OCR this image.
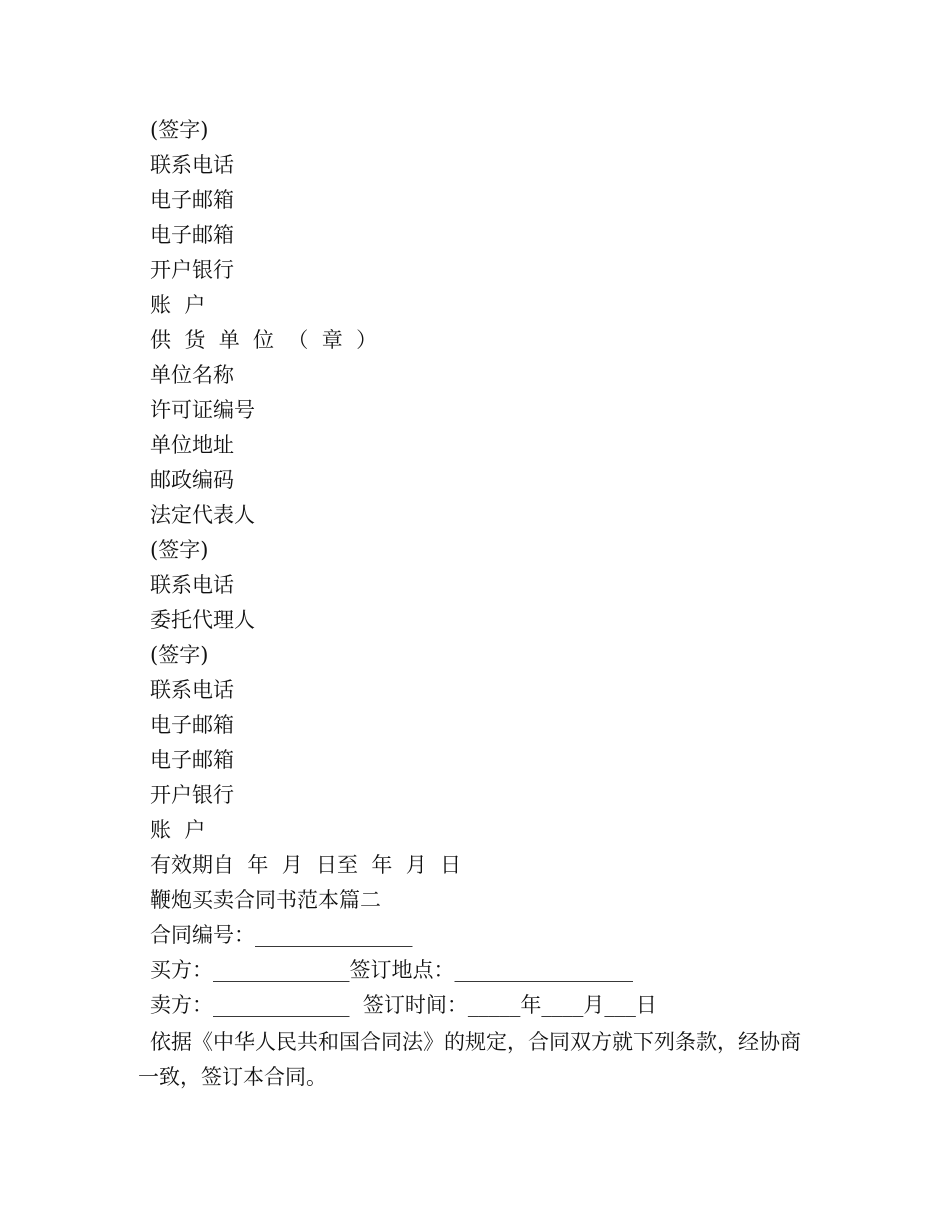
(签字)
联系电话
电子邮箱
电子邮箱
开户银行
账  户
供  货  单  位  （  章  ）
单位名称
许可证编号
单位地址
邮政编码
法定代表人
(签字)
联系电话
委托代理人
(签字)
联系电话
电子邮箱
电子邮箱
开户银行
账  户
有效期自  年  月  日至  年  月  日
鞭炮买卖合同书范本篇二
合同编号：_______________
买方：_____________签订地点：_________________
卖方：_____________  签订时间：_____年____月___日
依据《中华人民共和国合同法》的规定，合同双方就下列条款，经协商一致，签订本合同。
